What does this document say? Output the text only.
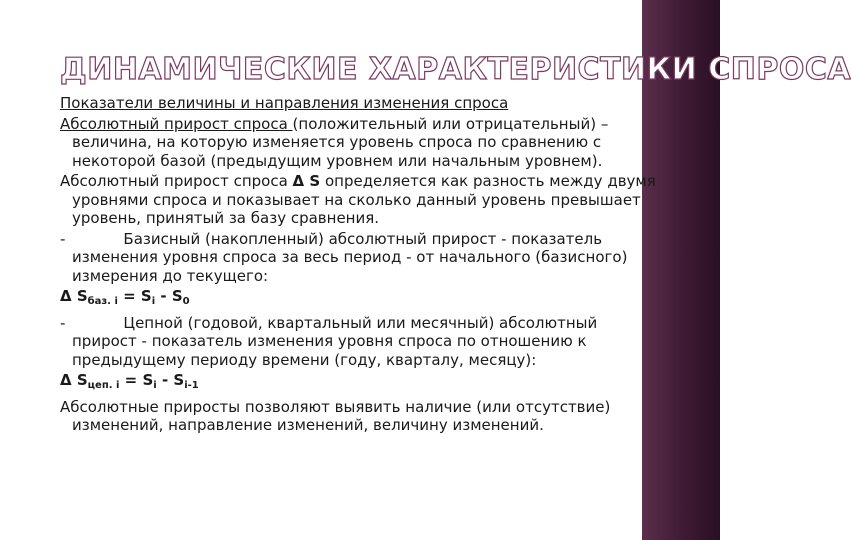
ДИНАМИЧЕСКИЕ ХАРАКТЕРИСТИКИ СПРОСА

Показатели величины и направления изменения спроса

Абсолютный прирост спроса (положительный или отрицательный) – величина, на которую изменяется уровень спроса по сравнению с некоторой базой (предыдущим уровнем или начальным уровнем).

Абсолютный прирост спроса Δ S определяется как разность между двумя уровнями спроса и показывает на сколько данный уровень превышает уровень, принятый за базу сравнения.

-	Базисный (накопленный) абсолютный прирост - показатель изменения уровня спроса за весь период - от начального (базисного) измерения до текущего:

Δ $S_{баз. i} = S_i - S_0$

-	Цепной (годовой, квартальный или месячный) абсолютный прирост - показатель изменения уровня спроса по отношению к предыдущему периоду времени (году, кварталу, месяцу):

Δ $S_{цеп. i} = S_i - S_{i-1}$

Абсолютные приросты позволяют выявить наличие (или отсутствие) изменений, направление изменений, величину изменений.
